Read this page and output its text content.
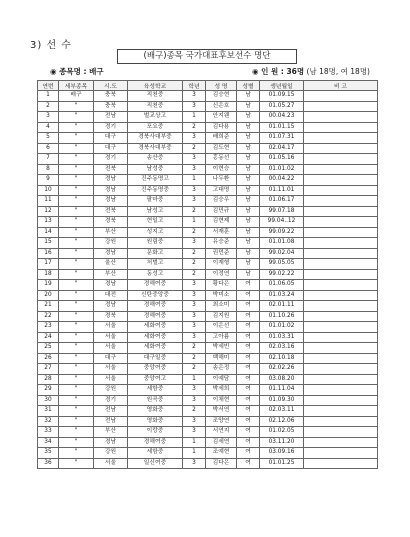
3) 선 수
(배구)종목 국가대표후보선수 명단
◉ 종목명 : 배구	◉ 인 원 : 36명 (남 18명, 여 18명)
연번	세부종목	시.도	육성학교	학년	성 명	성별	생년월일	비 고
1	배구	충북	직천중	3	김승현	남	01.09.15	
2	"	충북	직천중	3	신은호	남	01.05.27	
3	"	전남	벌교상고	1	안지웬	남	00.04.23	
4	"	경기	포요중	2	김다용	남	01.01.15	
5	"	대구	경북사대부중	3	배희준	남	01.07.31	
6	"	대구	경북사대부중	2	김도현	남	02.04.17	
7	"	경기	송산중	3	홍동선	남	01.05.16	
8	"	전북	남성중	3	이현승	남	01.01.02	
9	"	경남	진주동명고	1	나두환	남	00.04.22	
10	"	경남	진주동명중	3	고대명	남	01.11.01	
11	"	경남	팔마중	3	김승우	남	01.06.17	
12	"	전북	남성고	2	김민규	남	99.07.18	
13	"	경북	현일고	1	김현제	남	99.04..12	
14	"	부산	성지고	2	서재훈	남	99.09.22	
15	"	강원	원림중	3	유승준	남	01.01.08	
16	"	경남	문화고	2	권민준	남	99.02.04	
17	"	울산	처벌고	2	이재형	남	99.05.05	
18	"	부산	동성고	2	이정연	남	99.02.22	
19	"	경남	경해여중	3	황다은	여	01.06.05	
20	"	대전	신탄중앙중	3	박미소	여	01.03.24	
21	"	경남	경해여중	3	최소미	여	02.01.11	
22	"	경북	경해여중	3	김지원	여	01.10.26	
23	"	서울	세화여중	3	이은선	여	01.01.02	
24	"	서울	세화여중	3	고아름	여	01.03.31	
25	"	서울	세화여중	2	박세빈	여	02.03.16	
26	"	대구	대구일중	2	백해미	여	02.10.18	
27	"	서울	중앙여중	2	송은정	여	02.02.26	
28	"	서울	중앙여고	1	이예담	여	03.08.20	
29	"	강원	세함중	3	박세희	여	01.11.04	
30	"	경기	원곡중	3	이채현	여	01.09.30	
31	"	전남	영화중	2	박서연	여	02.03.11	
32	"	전남	영화중	3	조양연	여	02.12.06	
33	"	부산	이랑중	3	서연지	여	01.02.05	
34	"	경남	경해여중	1	김세연	여	03.11.20	
35	"	강원	세함중	1	조예현	여	03.09.16	
36	"	서울	일신여중	3	김다은	여	01.01.25	
